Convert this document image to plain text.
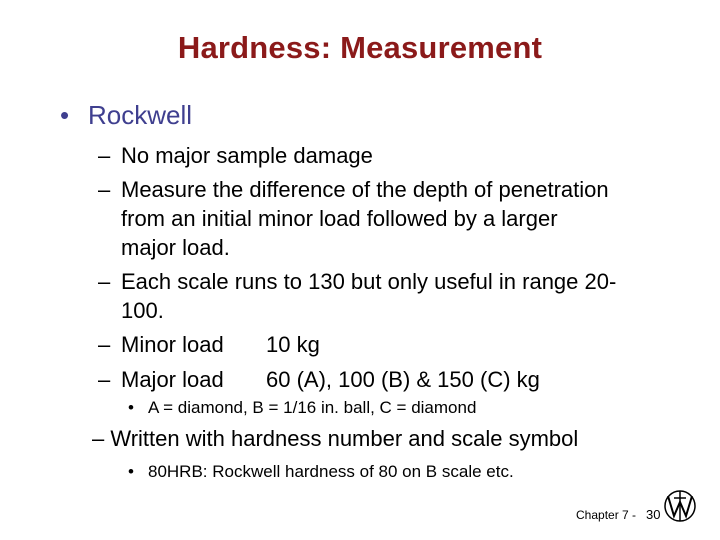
Hardness: Measurement
• Rockwell
– No major sample damage
– Measure the difference of the depth of penetration
from an initial minor load followed by a larger
major load.
– Each scale runs to 130 but only useful in range 20-
100.
– Minor load	10 kg
– Major load	60 (A), 100 (B) & 150 (C) kg
• A = diamond, B = 1/16 in. ball, C = diamond
– Written with hardness number and scale symbol
• 80HRB: Rockwell hardness of 80 on B scale etc.
Chapter 7 - 30
